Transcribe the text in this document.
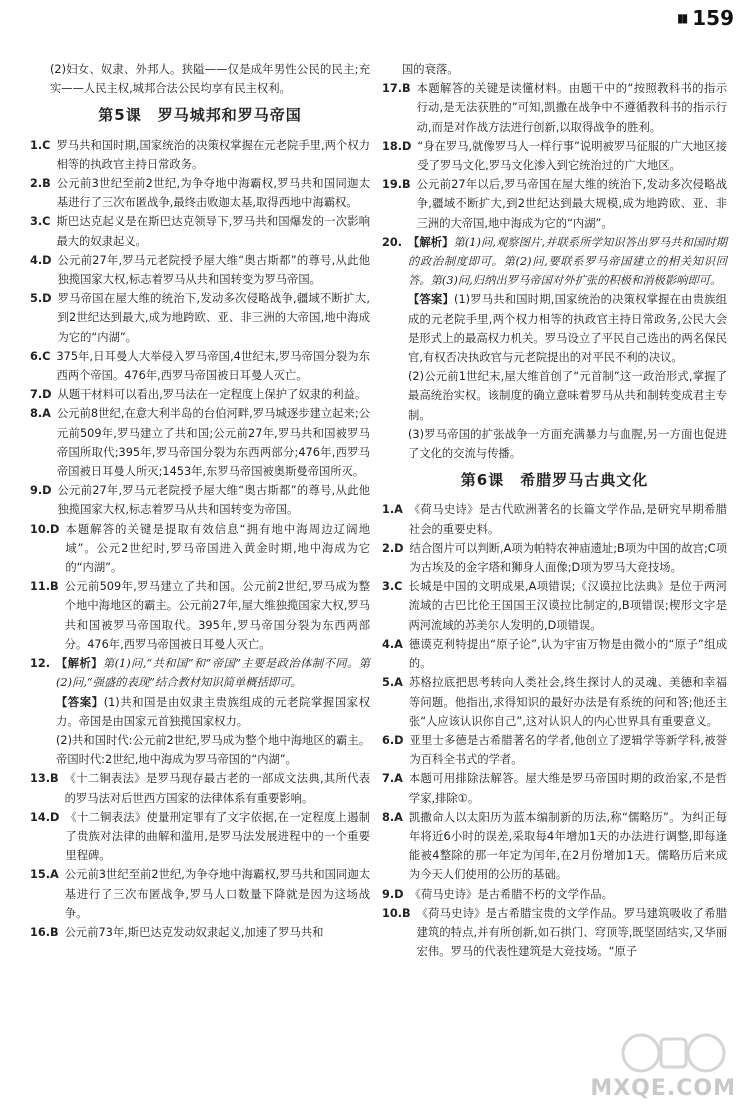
▮▮ 159

(2)妇女、奴隶、外邦人。狭隘——仅是成年男性公民的民主;充实——人民主权,城邦合法公民均享有民主权利。

第5课　罗马城邦和罗马帝国
1.C 罗马共和国时期,国家统治的决策权掌握在元老院手里,两个权力相等的执政官主持日常政务。
2.B 公元前3世纪至前2世纪,为争夺地中海霸权,罗马共和国同迦太基进行了三次布匿战争,最终击败迦太基,取得西地中海霸权。
3.C 斯巴达克起义是在斯巴达克领导下,罗马共和国爆发的一次影响最大的奴隶起义。
4.D 公元前27年,罗马元老院授予屋大维“奥古斯都”的尊号,从此他独揽国家大权,标志着罗马从共和国转变为罗马帝国。
5.D 罗马帝国在屋大维的统治下,发动多次侵略战争,疆域不断扩大,到2世纪达到最大,成为地跨欧、亚、非三洲的大帝国,地中海成为它的“内湖”。
6.C 375年,日耳曼人大举侵入罗马帝国,4世纪末,罗马帝国分裂为东西两个帝国。476年,西罗马帝国被日耳曼人灭亡。
7.D 从题干材料可以看出,罗马法在一定程度上保护了奴隶的利益。
8.A 公元前8世纪,在意大利半岛的台伯河畔,罗马城逐步建立起来;公元前509年,罗马建立了共和国;公元前27年,罗马共和国被罗马帝国所取代;395年,罗马帝国分裂为东西两部分;476年,西罗马帝国被日耳曼人所灭;1453年,东罗马帝国被奥斯曼帝国所灭。
9.D 公元前27年,罗马元老院授予屋大维“奥古斯都”的尊号,从此他独揽国家大权,标志着罗马从共和国转变为帝国。
10.D 本题解答的关键是提取有效信息“拥有地中海周边辽阔地域”。公元2世纪时,罗马帝国进入黄金时期,地中海成为它的“内湖”。
11.B 公元前509年,罗马建立了共和国。公元前2世纪,罗马成为整个地中海地区的霸主。公元前27年,屋大维独揽国家大权,罗马共和国被罗马帝国取代。395年,罗马帝国分裂为东西两部分。476年,西罗马帝国被日耳曼人灭亡。
12. 【解析】第(1)问,“共和国”和“帝国”主要是政治体制不同。第(2)问,“强盛的表现”结合教材知识简单概括即可。
【答案】(1)共和国是由奴隶主贵族组成的元老院掌握国家权力。帝国是由国家元首独揽国家权力。
(2)共和国时代:公元前2世纪,罗马成为整个地中海地区的霸主。帝国时代:2世纪,地中海成为罗马帝国的“内湖”。
13.B 《十二铜表法》是罗马现存最古老的一部成文法典,其所代表的罗马法对后世西方国家的法律体系有重要影响。
14.D 《十二铜表法》使量刑定罪有了文字依据,在一定程度上遏制了贵族对法律的曲解和滥用,是罗马法发展进程中的一个重要里程碑。
15.A 公元前3世纪至前2世纪,为争夺地中海霸权,罗马共和国同迦太基进行了三次布匿战争,罗马人口数量下降就是因为这场战争。
16.B 公元前73年,斯巴达克发动奴隶起义,加速了罗马共和

国的衰落。

17.B 本题解答的关键是读懂材料。由题干中的“按照教科书的指示行动,是无法获胜的”可知,凯撒在战争中不遵循教科书的指示行动,而是对作战方法进行创新,以取得战争的胜利。
18.D “身在罗马,就像罗马人一样行事”说明被罗马征服的广大地区接受了罗马文化,罗马文化渗入到它统治过的广大地区。
19.B 公元前27年以后,罗马帝国在屋大维的统治下,发动多次侵略战争,疆域不断扩大,到2世纪达到最大规模,成为地跨欧、亚、非三洲的大帝国,地中海成为它的“内湖”。
20. 【解析】第(1)问,观察图片,并联系所学知识答出罗马共和国时期的政治制度即可。第(2)问,要联系罗马帝国建立的相关知识回答。第(3)问,归纳出罗马帝国对外扩张的积极和消极影响即可。
【答案】(1)罗马共和国时期,国家统治的决策权掌握在由贵族组成的元老院手里,两个权力相等的执政官主持日常政务,公民大会是形式上的最高权力机关。罗马设立了平民自己选出的两名保民官,有权否决执政官与元老院提出的对平民不利的决议。
(2)公元前1世纪末,屋大维首创了“元首制”这一政治形式,掌握了最高统治实权。该制度的确立意味着罗马从共和制转变成君主专制。
(3)罗马帝国的扩张战争一方面充满暴力与血腥,另一方面也促进了文化的交流与传播。
第6课　希腊罗马古典文化
1.A 《荷马史诗》是古代欧洲著名的长篇文学作品,是研究早期希腊社会的重要史料。
2.D 结合图片可以判断,A项为帕特农神庙遗址;B项为中国的故宫;C项为古埃及的金字塔和狮身人面像;D项为罗马大竞技场。
3.C 长城是中国的文明成果,A项错误;《汉谟拉比法典》是位于两河流域的古巴比伦王国国王汉谟拉比制定的,B项错误;楔形文字是两河流域的苏美尔人发明的,D项错误。
4.A 德谟克利特提出“原子论”,认为宇宙万物是由微小的“原子”组成的。
5.A 苏格拉底把思考转向人类社会,终生探讨人的灵魂、美德和幸福等问题。他指出,求得知识的最好办法是有系统的问和答;他还主张“人应该认识你自己”,这对认识人的内心世界具有重要意义。
6.D 亚里士多德是古希腊著名的学者,他创立了逻辑学等新学科,被誉为百科全书式的学者。
7.A 本题可用排除法解答。屋大维是罗马帝国时期的政治家,不是哲学家,排除①。
8.A 凯撒命人以太阳历为蓝本编制新的历法,称“儒略历”。为纠正每年将近6小时的误差,采取每4年增加1天的办法进行调整,即每逢能被4整除的那一年定为闰年,在2月份增加1天。儒略历后来成为今天人们使用的公历的基础。
9.D 《荷马史诗》是古希腊不朽的文学作品。
10.B 《荷马史诗》是古希腊宝贵的文学作品。罗马建筑吸收了希腊建筑的特点,并有所创新,如石拱门、穹顶等,既坚固结实,又华丽宏伟。罗马的代表性建筑是大竞技场。“原子
MXQE.COM
